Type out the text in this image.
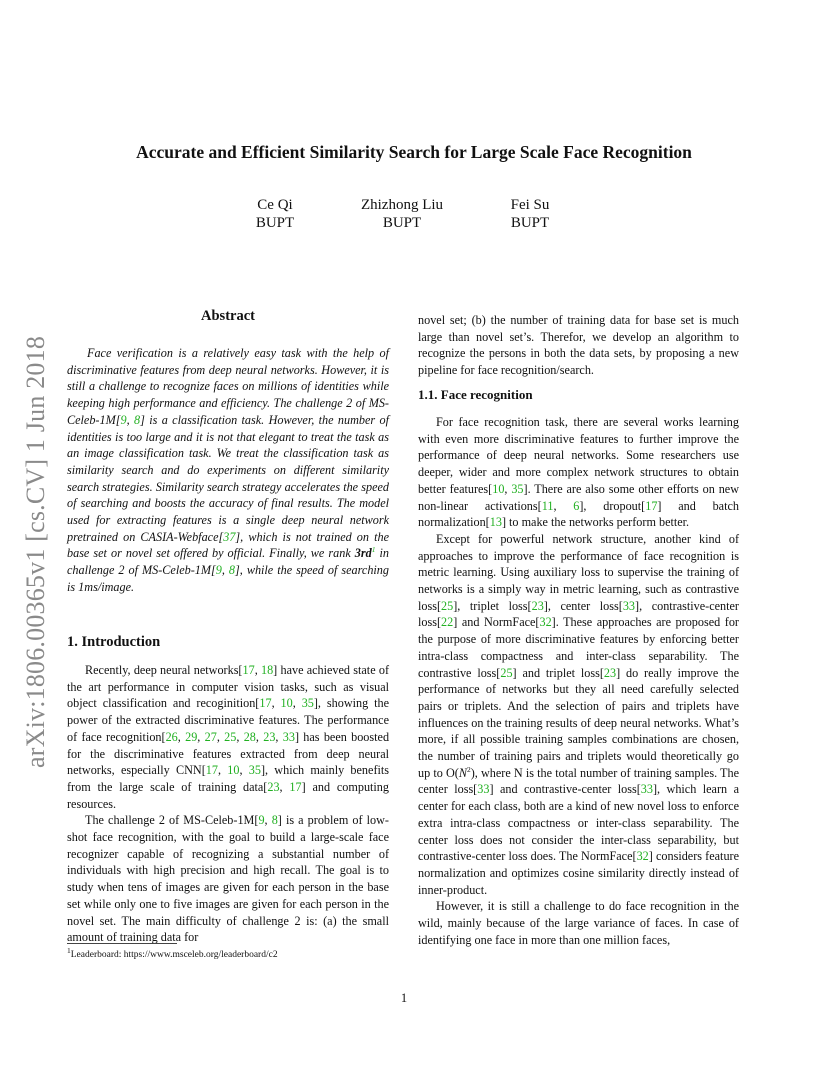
arXiv:1806.00365v1 [cs.CV] 1 Jun 2018
Accurate and Efficient Similarity Search for Large Scale Face Recognition
Ce Qi
BUPT
Zhizhong Liu
BUPT
Fei Su
BUPT
Abstract
Face verification is a relatively easy task with the help of discriminative features from deep neural networks. However, it is still a challenge to recognize faces on millions of identities while keeping high performance and efficiency. The challenge 2 of MS-Celeb-1M[9, 8] is a classification task. However, the number of identities is too large and it is not that elegant to treat the task as an image classification task. We treat the classification task as similarity search and do experiments on different similarity search strategies. Similarity search strategy accelerates the speed of searching and boosts the accuracy of final results. The model used for extracting features is a single deep neural network pretrained on CASIA-Webface[37], which is not trained on the base set or novel set offered by official. Finally, we rank $3rd^1$ in challenge 2 of MS-Celeb-1M[9, 8], while the speed of searching is 1ms/image.
1. Introduction

Recently, deep neural networks[17, 18] have achieved state of the art performance in computer vision tasks, such as visual object classification and recoginition[17, 10, 35], showing the power of the extracted discriminative features. The performance of face recognition[26, 29, 27, 25, 28, 23, 33] has been boosted for the discriminative features extracted from deep neural networks, especially CNN[17, 10, 35], which mainly benefits from the large scale of training data[23, 17] and computing resources.

The challenge 2 of MS-Celeb-1M[9, 8] is a problem of low-shot face recognition, with the goal to build a large-scale face recognizer capable of recognizing a substantial number of individuals with high precision and high recall. The goal is to study when tens of images are given for each person in the base set while only one to five images are given for each person in the novel set. The main difficulty of challenge 2 is: (a) the small amount of training data for

$^1$Leaderboard: https://www.msceleb.org/leaderboard/c2

novel set; (b) the number of training data for base set is much large than novel set’s. Therefor, we develop an algorithm to recognize the persons in both the data sets, by proposing a new pipeline for face recognition/search.

1.1. Face recognition

For face recognition task, there are several works learning with even more discriminative features to further improve the performance of deep neural networks. Some researchers use deeper, wider and more complex network structures to obtain better features[10, 35]. There are also some other efforts on new non-linear activations[11, 6], dropout[17] and batch normalization[13] to make the networks perform better.

Except for powerful network structure, another kind of approaches to improve the performance of face recognition is metric learning. Using auxiliary loss to supervise the training of networks is a simply way in metric learning, such as contrastive loss[25], triplet loss[23], center loss[33], contrastive-center loss[22] and NormFace[32]. These approaches are proposed for the purpose of more discriminative features by enforcing better intra-class compactness and inter-class separability. The contrastive loss[25] and triplet loss[23] do really improve the performance of networks but they all need carefully selected pairs or triplets. And the selection of pairs and triplets have influences on the training results of deep neural networks. What’s more, if all possible training samples combinations are chosen, the number of training pairs and triplets would theoretically go up to $O(N^2)$, where N is the total number of training samples. The center loss[33] and contrastive-center loss[33], which learn a center for each class, both are a kind of new novel loss to enforce extra intra-class compactness or inter-class separability. The center loss does not consider the inter-class separability, but contrastive-center loss does. The NormFace[32] considers feature normalization and optimizes cosine similarity directly instead of inner-product.

However, it is still a challenge to do face recognition in the wild, mainly because of the large variance of faces. In case of identifying one face in more than one million faces,

1
